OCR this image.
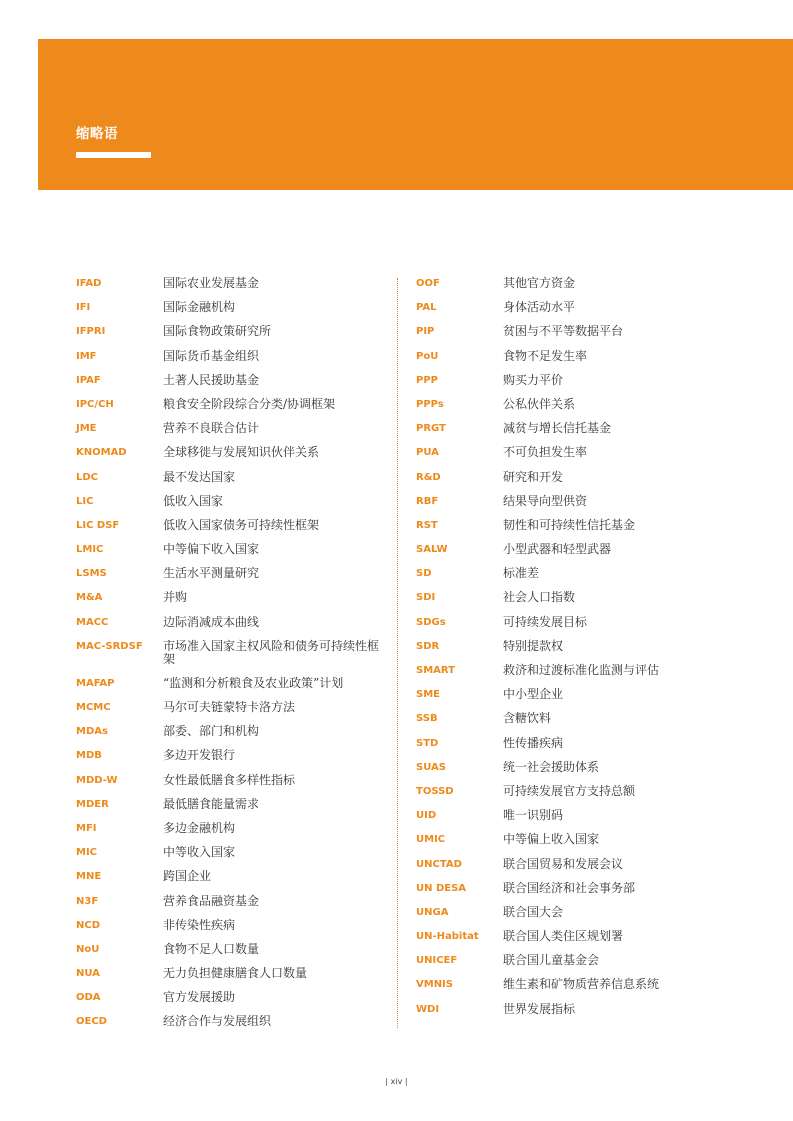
缩略语
IFAD	国际农业发展基金
IFI	国际金融机构
IFPRI	国际食物政策研究所
IMF	国际货币基金组织
IPAF	土著人民援助基金
IPC/CH	粮食安全阶段综合分类/协调框架
JME	营养不良联合估计
KNOMAD	全球移徙与发展知识伙伴关系
LDC	最不发达国家
LIC	低收入国家
LIC DSF	低收入国家债务可持续性框架
LMIC	中等偏下收入国家
LSMS	生活水平测量研究
M&A	并购
MACC	边际消减成本曲线
MAC-SRDSF	市场准入国家主权风险和债务可持续性框架
MAFAP	“监测和分析粮食及农业政策”计划
MCMC	马尔可夫链蒙特卡洛方法
MDAs	部委、部门和机构
MDB	多边开发银行
MDD-W	女性最低膳食多样性指标
MDER	最低膳食能量需求
MFI	多边金融机构
MIC	中等收入国家
MNE	跨国企业
N3F	营养食品融资基金
NCD	非传染性疾病
NoU	食物不足人口数量
NUA	无力负担健康膳食人口数量
ODA	官方发展援助
OECD	经济合作与发展组织
OOF	其他官方资金
PAL	身体活动水平
PIP	贫困与不平等数据平台
PoU	食物不足发生率
PPP	购买力平价
PPPs	公私伙伴关系
PRGT	减贫与增长信托基金
PUA	不可负担发生率
R&D	研究和开发
RBF	结果导向型供资
RST	韧性和可持续性信托基金
SALW	小型武器和轻型武器
SD	标准差
SDI	社会人口指数
SDGs	可持续发展目标
SDR	特别提款权
SMART	救济和过渡标准化监测与评估
SME	中小型企业
SSB	含糖饮料
STD	性传播疾病
SUAS	统一社会援助体系
TOSSD	可持续发展官方支持总额
UID	唯一识别码
UMIC	中等偏上收入国家
UNCTAD	联合国贸易和发展会议
UN DESA	联合国经济和社会事务部
UNGA	联合国大会
UN-Habitat	联合国人类住区规划署
UNICEF	联合国儿童基金会
VMNIS	维生素和矿物质营养信息系统
WDI	世界发展指标
| xiv |
